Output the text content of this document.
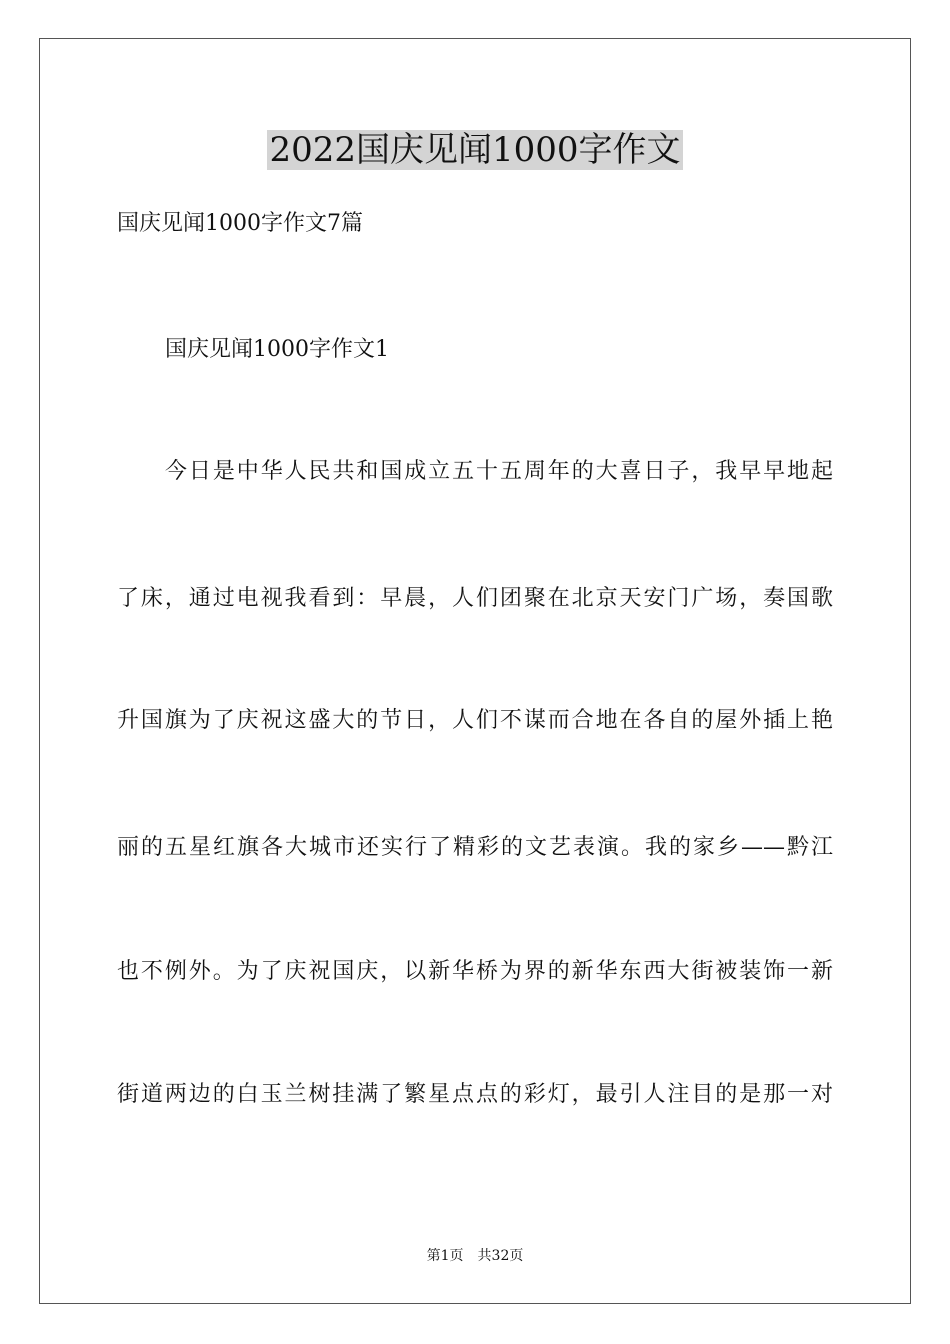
2022国庆见闻1000字作文
国庆见闻1000字作文7篇
国庆见闻1000字作文1
今日是中华人民共和国成立五十五周年的大喜日子，我早早地起
了床，通过电视我看到：早晨，人们团聚在北京天安门广场，奏国歌
升国旗为了庆祝这盛大的节日，人们不谋而合地在各自的屋外插上艳
丽的五星红旗各大城市还实行了精彩的文艺表演。我的家乡——黔江
也不例外。为了庆祝国庆，以新华桥为界的新华东西大街被装饰一新
街道两边的白玉兰树挂满了繁星点点的彩灯，最引人注目的是那一对
第1页 共32页
